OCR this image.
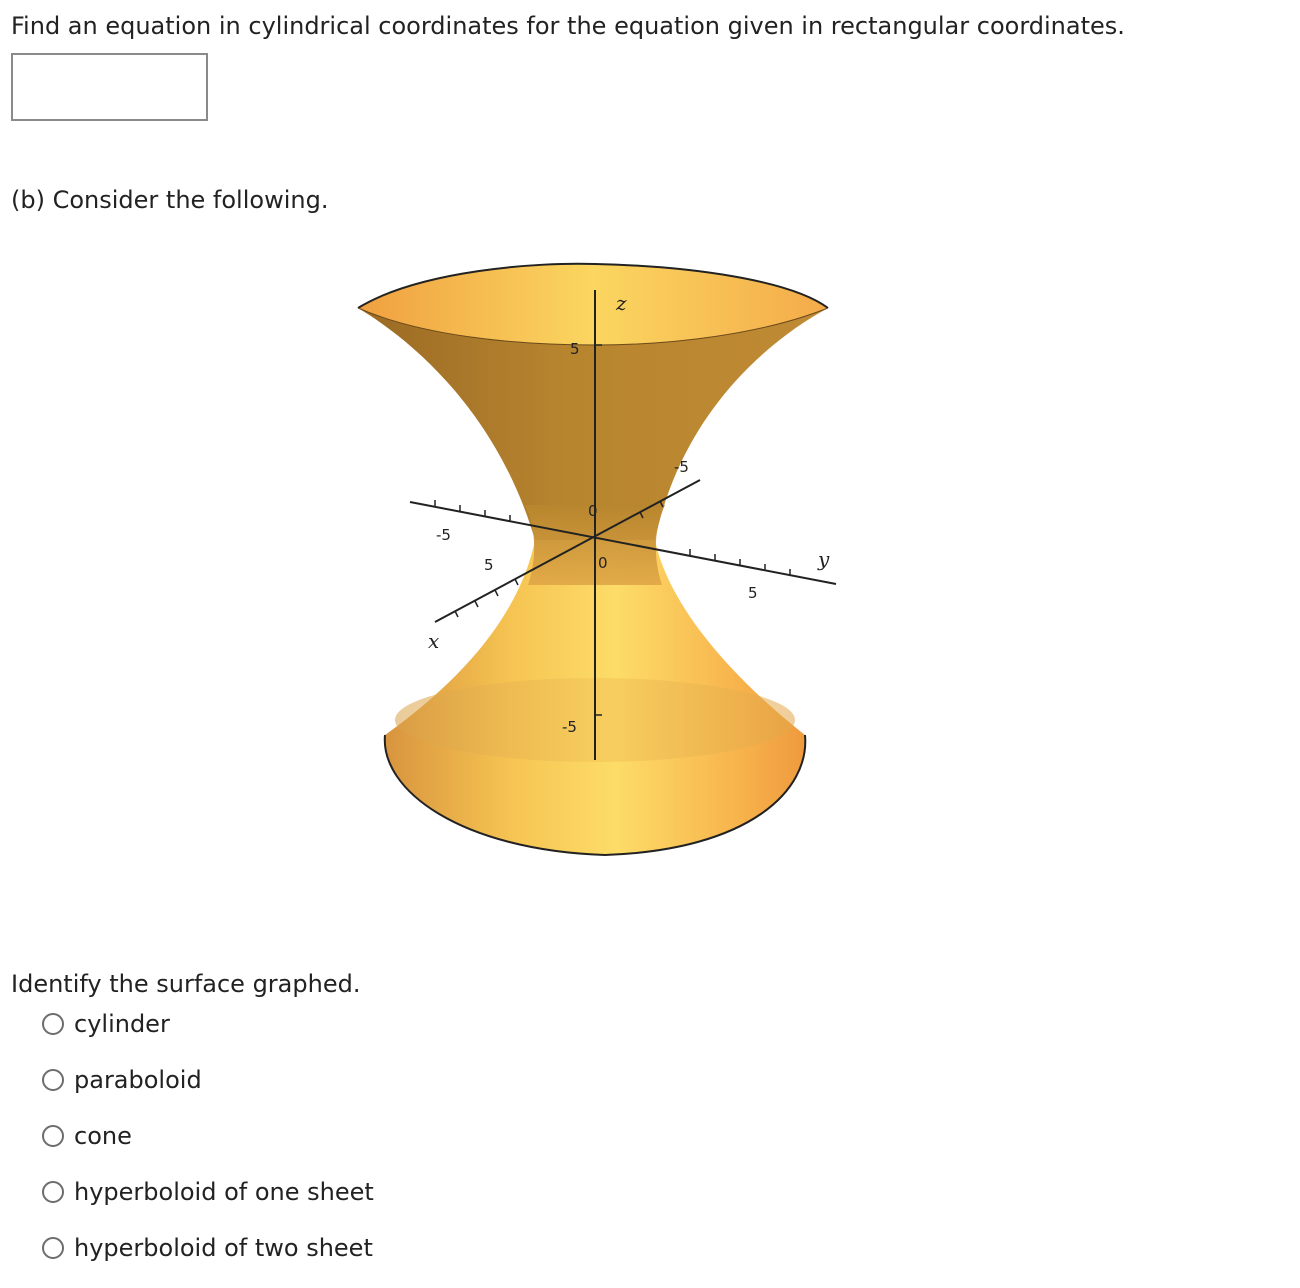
Find an equation in cylindrical coordinates for the equation given in rectangular coordinates.
(b) Consider the following.
z
y
x
5
-5
0
-5
5
5
-5
0
Identify the surface graphed.
cylinder
paraboloid
cone
hyperboloid of one sheet
hyperboloid of two sheet
